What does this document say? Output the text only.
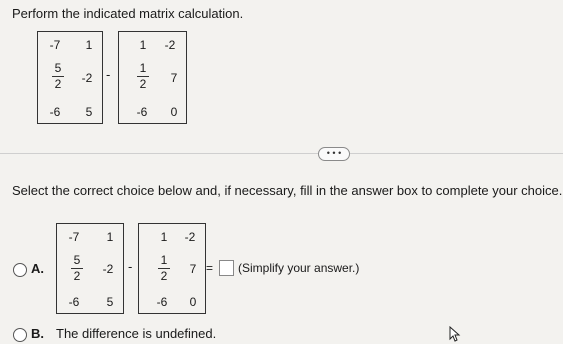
Perform the indicated matrix calculation.
-7	1
5
2	-2
-6	5
-
1	-2
1
2	7
-6	0
• • •
Select the correct choice below and, if necessary, fill in the answer box to complete your choice.
A.
-7	1
5
2	-2
-6	5
-
1	-2
1
2	7
-6	0
= (Simplify your answer.)
B. The difference is undefined.
